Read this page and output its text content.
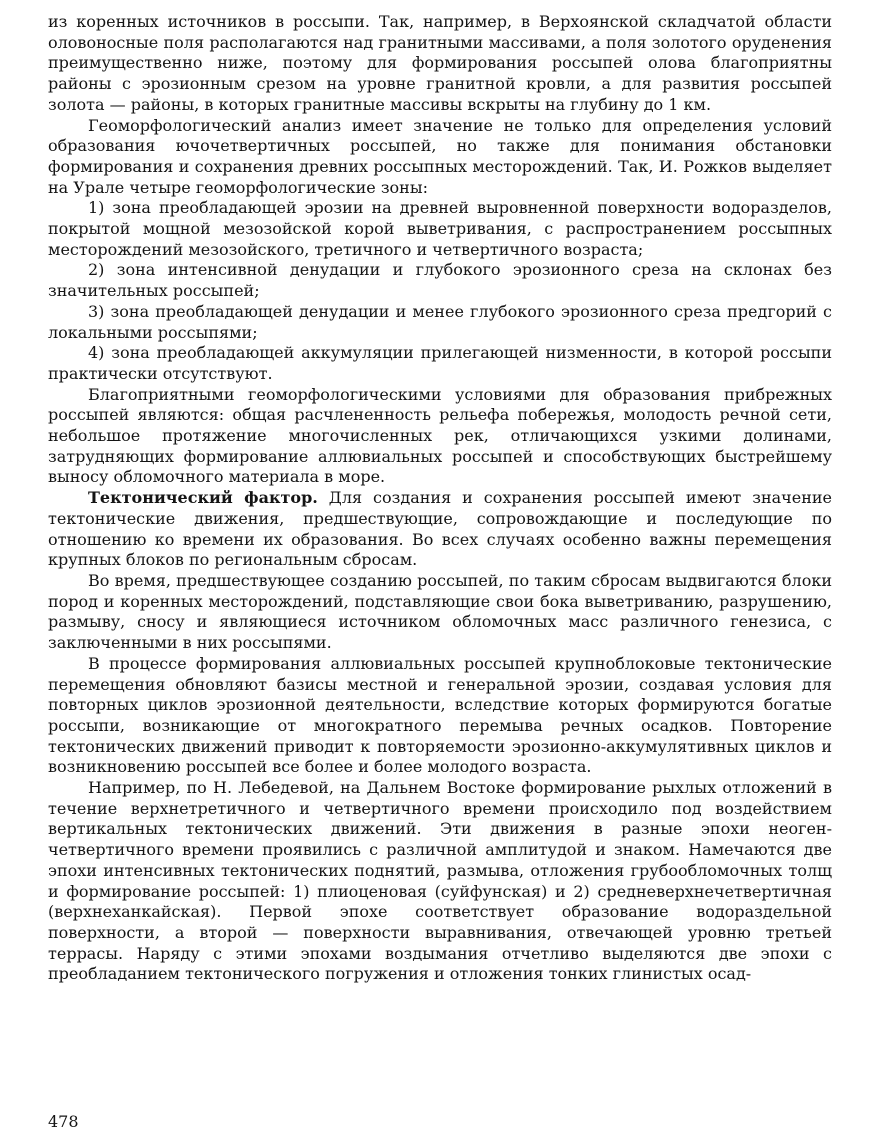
из коренных источников в россыпи. Так, например, в Верхоянской складчатой области оловоносные поля располагаются над гранитными массивами, а поля золотого оруденения преимущественно ниже, поэтому для формирования россыпей олова благоприятны районы с эрозионным срезом на уровне гранитной кровли, а для развития россыпей золота — районы, в которых гранитные массивы вскрыты на глубину до 1 км.

Геоморфологический анализ имеет значение не только для определения условий образования ючочетвертичных россыпей, но также для понимания обстановки формирования и сохранения древних россыпных месторождений. Так, И. Рожков выделяет на Урале четыре геоморфологические зоны:

1) зона преобладающей эрозии на древней выровненной поверхности водоразделов, покрытой мощной мезозойской корой выветривания, с распространением россыпных месторождений мезозойского, третичного и четвертичного возраста;

2) зона интенсивной денудации и глубокого эрозионного среза на склонах без значительных россыпей;

3) зона преобладающей денудации и менее глубокого эрозионного среза предгорий с локальными россыпями;

4) зона преобладающей аккумуляции прилегающей низменности, в которой россыпи практически отсутствуют.

Благоприятными геоморфологическими условиями для образования прибрежных россыпей являются: общая расчлененность рельефа побережья, молодость речной сети, небольшое протяжение многочисленных рек, отличающихся узкими долинами, затрудняющих формирование аллювиальных россыпей и способствующих быстрейшему выносу обломочного материала в море.

Тектонический фактор. Для создания и сохранения россыпей имеют значение тектонические движения, предшествующие, сопровождающие и последующие по отношению ко времени их образования. Во всех случаях особенно важны перемещения крупных блоков по региональным сбросам.

Во время, предшествующее созданию россыпей, по таким сбросам выдвигаются блоки пород и коренных месторождений, подставляющие свои бока выветриванию, разрушению, размыву, сносу и являющиеся источником обломочных масс различного генезиса, с заключенными в них россыпями.

В процессе формирования аллювиальных россыпей крупноблоковые тектонические перемещения обновляют базисы местной и генеральной эрозии, создавая условия для повторных циклов эрозионной деятельности, вследствие которых формируются богатые россыпи, возникающие от многократного перемыва речных осадков. Повторение тектонических движений приводит к повторяемости эрозионно-аккумулятивных циклов и возникновению россыпей все более и более молодого возраста.

Например, по Н. Лебедевой, на Дальнем Востоке формирование рыхлых отложений в течение верхнетретичного и четвертичного времени происходило под воздействием вертикальных тектонических движений. Эти движения в разные эпохи неоген-четвертичного времени проявились с различной амплитудой и знаком. Намечаются две эпохи интенсивных тектонических поднятий, размыва, отложения грубообломочных толщ и формирование россыпей: 1) плиоценовая (суйфунская) и 2) средневерхнечетвертичная (верхнеханкайская). Первой эпохе соответствует образование водораздельной поверхности, а второй — поверхности выравнивания, отвечающей уровню третьей террасы. Наряду с этими эпохами воздымания отчетливо выделяются две эпохи с преобладанием тектонического погружения и отложения тонких глинистых осад-

478
